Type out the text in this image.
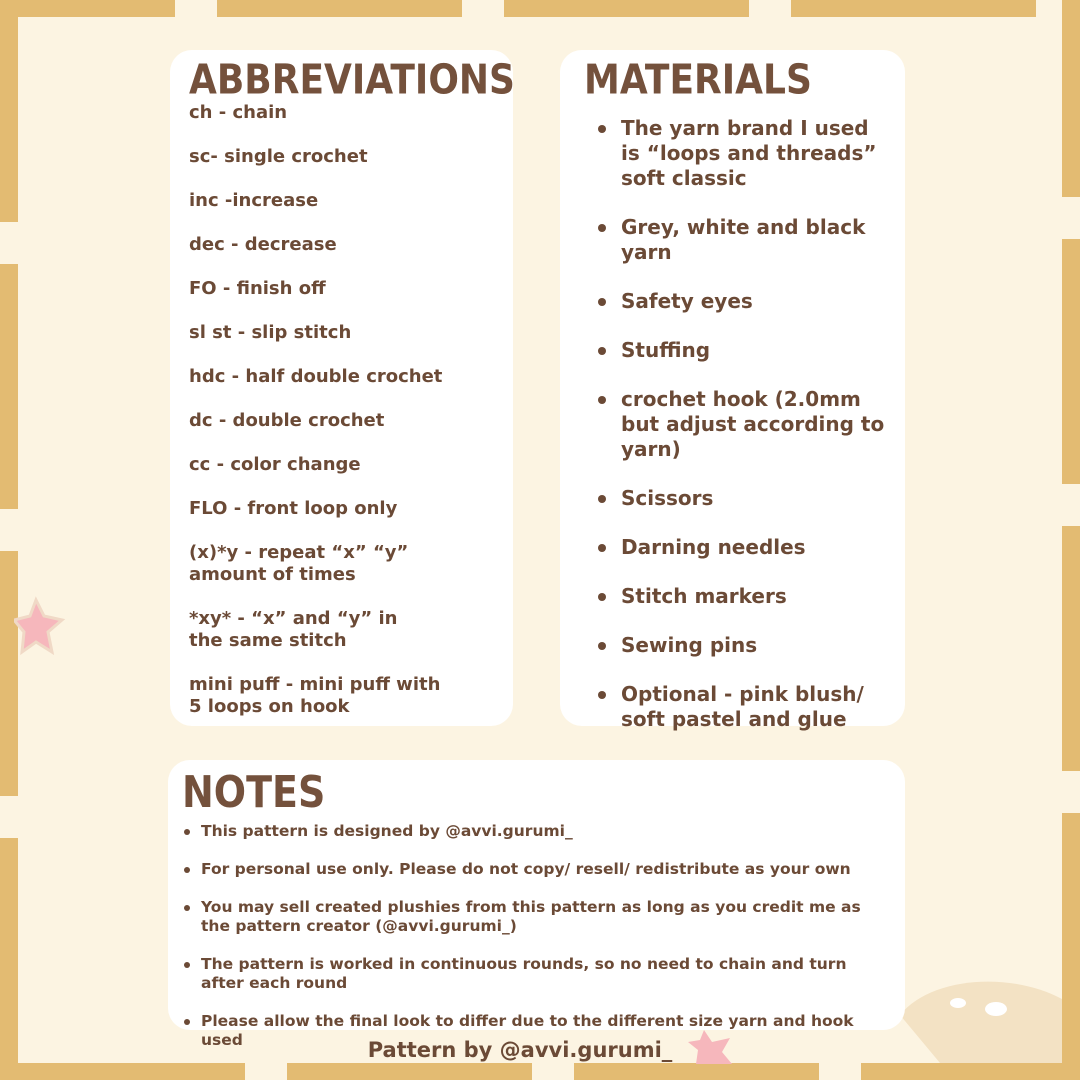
ABBREVIATIONS
ch - chain
sc- single crochet
inc -increase
dec - decrease
FO - finish off
sl st - slip stitch
hdc - half double crochet
dc - double crochet
cc - color change
FLO - front loop only
(x)*y - repeat “x” “y” amount of times
*xy* - “x” and “y” in the same stitch
mini puff - mini puff with 5 loops on hook
MATERIALS
The yarn brand I used is “loops and threads” soft classic
Grey, white and black yarn
Safety eyes
Stuffing
crochet hook (2.0mm but adjust according to yarn)
Scissors
Darning needles
Stitch markers
Sewing pins
Optional - pink blush/ soft pastel and glue
NOTES
This pattern is designed by @avvi.gurumi_
For personal use only. Please do not copy/ resell/ redistribute as your own
You may sell created plushies from this pattern as long as you credit me as the pattern creator (@avvi.gurumi_)
The pattern is worked in continuous rounds, so no need to chain and turn after each round
Please allow the final look to differ due to the different size yarn and hook used	Pattern by @avvi.gurumi_
